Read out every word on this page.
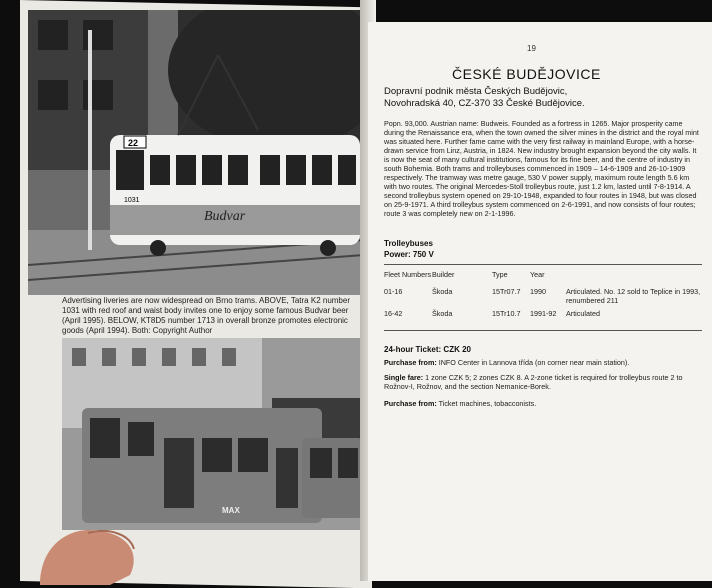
22
1031
Budvar
Advertising liveries are now widespread on Brno trams. ABOVE, Tatra K2 number 1031 with red roof and waist body invites one to enjoy some famous Budvar beer (April 1995). BELOW, KT8D5 number 1713 in overall bronze promotes electronic goods (April 1994). Both: Copyright Author
MAX
19
ČESKÉ BUDĚJOVICE
Dopravní podnik města Českých Budějovic,
Novohradská 40, CZ-370 33 České Budějovice.
Popn. 93,000. Austrian name: Budweis. Founded as a fortress in 1265. Major prosperity came during the Renaissance era, when the town owned the silver mines in the district and the royal mint was situated here. Further fame came with the very first railway in mainland Europe, with a horse-drawn service from Linz, Austria, in 1824. New industry brought expansion beyond the city walls. It is now the seat of many cultural institutions, famous for its fine beer, and the centre of industry in south Bohemia. Both trams and trolleybuses commenced in 1909 – 14-6-1909 and 26-10-1909 respectively. The tramway was metre gauge, 530 V power supply, maximum route length 5.6 km with two routes. The original Mercedes-Stoll trolleybus route, just 1.2 km, lasted until 7-8-1914. A second trolleybus system opened on 29-10-1948, expanded to four routes in 1948, but was closed on 25-9-1971. A third trolleybus system commenced on 2-6-1991, and now consists of four routes; route 3 was completely new on 2-1-1996.
Trolleybuses
Power: 750 V
Fleet Numbers Builder	Type	Year
01-16	Škoda	15Tr07.7 1990	Articulated. No. 12 sold to Teplice in 1993, renumbered 211
16-42	Škoda	15Tr10.7 1991-92 Articulated
24-hour Ticket: CZK 20
Purchase from: INFO Center in Lannova třída (on corner near main station).
Single fare: 1 zone CZK 5; 2 zones CZK 8. A 2-zone ticket is required for trolleybus route 2 to Rožnov-I, Rožnov, and the section Nemanice-Borek.
Purchase from: Ticket machines, tobacconists.
